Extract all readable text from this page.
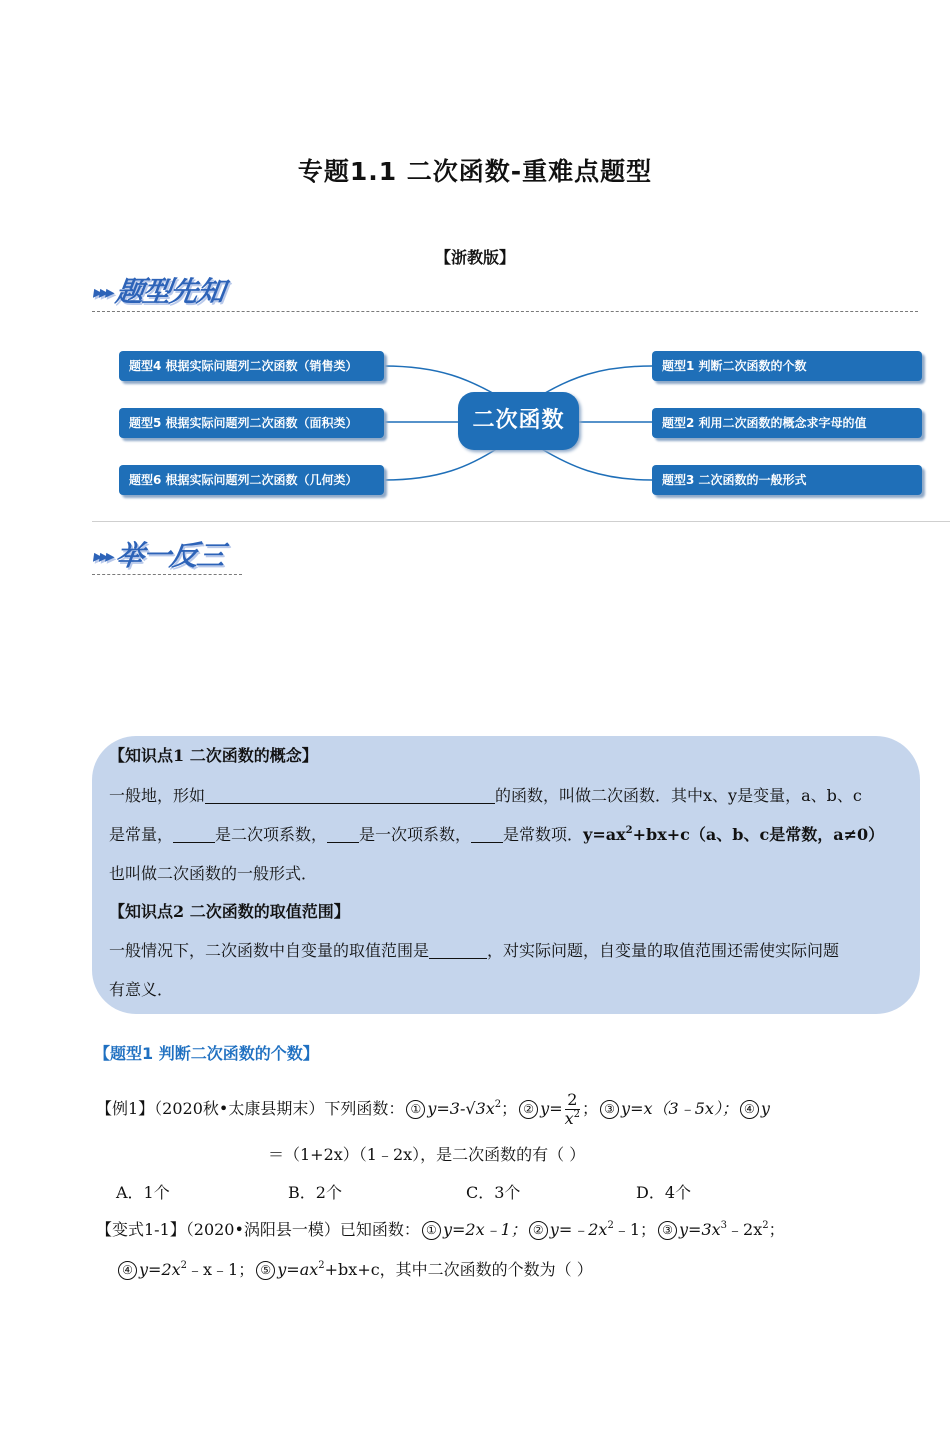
专题1.1 二次函数-重难点题型
【浙教版】
▸▸▸题型先知
题型4 根据实际问题列二次函数（销售类）
题型5 根据实际问题列二次函数（面积类）
题型6 根据实际问题列二次函数（几何类）
二次函数
题型1 判断二次函数的个数
题型2 利用二次函数的概念求字母的值
题型3 二次函数的一般形式
▸▸▸举一反三
【知识点1 二次函数的概念】
一般地，形如	的函数，叫做二次函数．其中x、y是变量，a、b、c
是常量，	是二次项系数， 是一次项系数， 是常数项．$y=ax^2+bx+c(a$、b、c是常数，a≠0）
也叫做二次函数的一般形式．
【知识点2 二次函数的取值范围】
一般情况下，二次函数中自变量的取值范围是	，对实际问题，自变量的取值范围还需使实际问题
有意义．
【题型1 判断二次函数的个数】
【例1】（2020秋•太康县期末）下列函数： ① $y=3-√3x^2$； ② $y= \frac{2}{x^2}$ ； ③ y=x（3﹣5x）； ④ y
＝（1+2x）（1﹣2x），是二次函数的有（ ）
A．1个	B．2个	C．3个	D．4个
【变式1-1】（2020•涡阳县一模）已知函数： ① y=2x﹣1； ② $y=﹣2x^2﹣1$； ③ $y=3x^3﹣2x^2$；
④ $y=2x^2﹣x﹣1$； ⑤ $y=ax^2+bx+c$，其中二次函数的个数为（ ）
